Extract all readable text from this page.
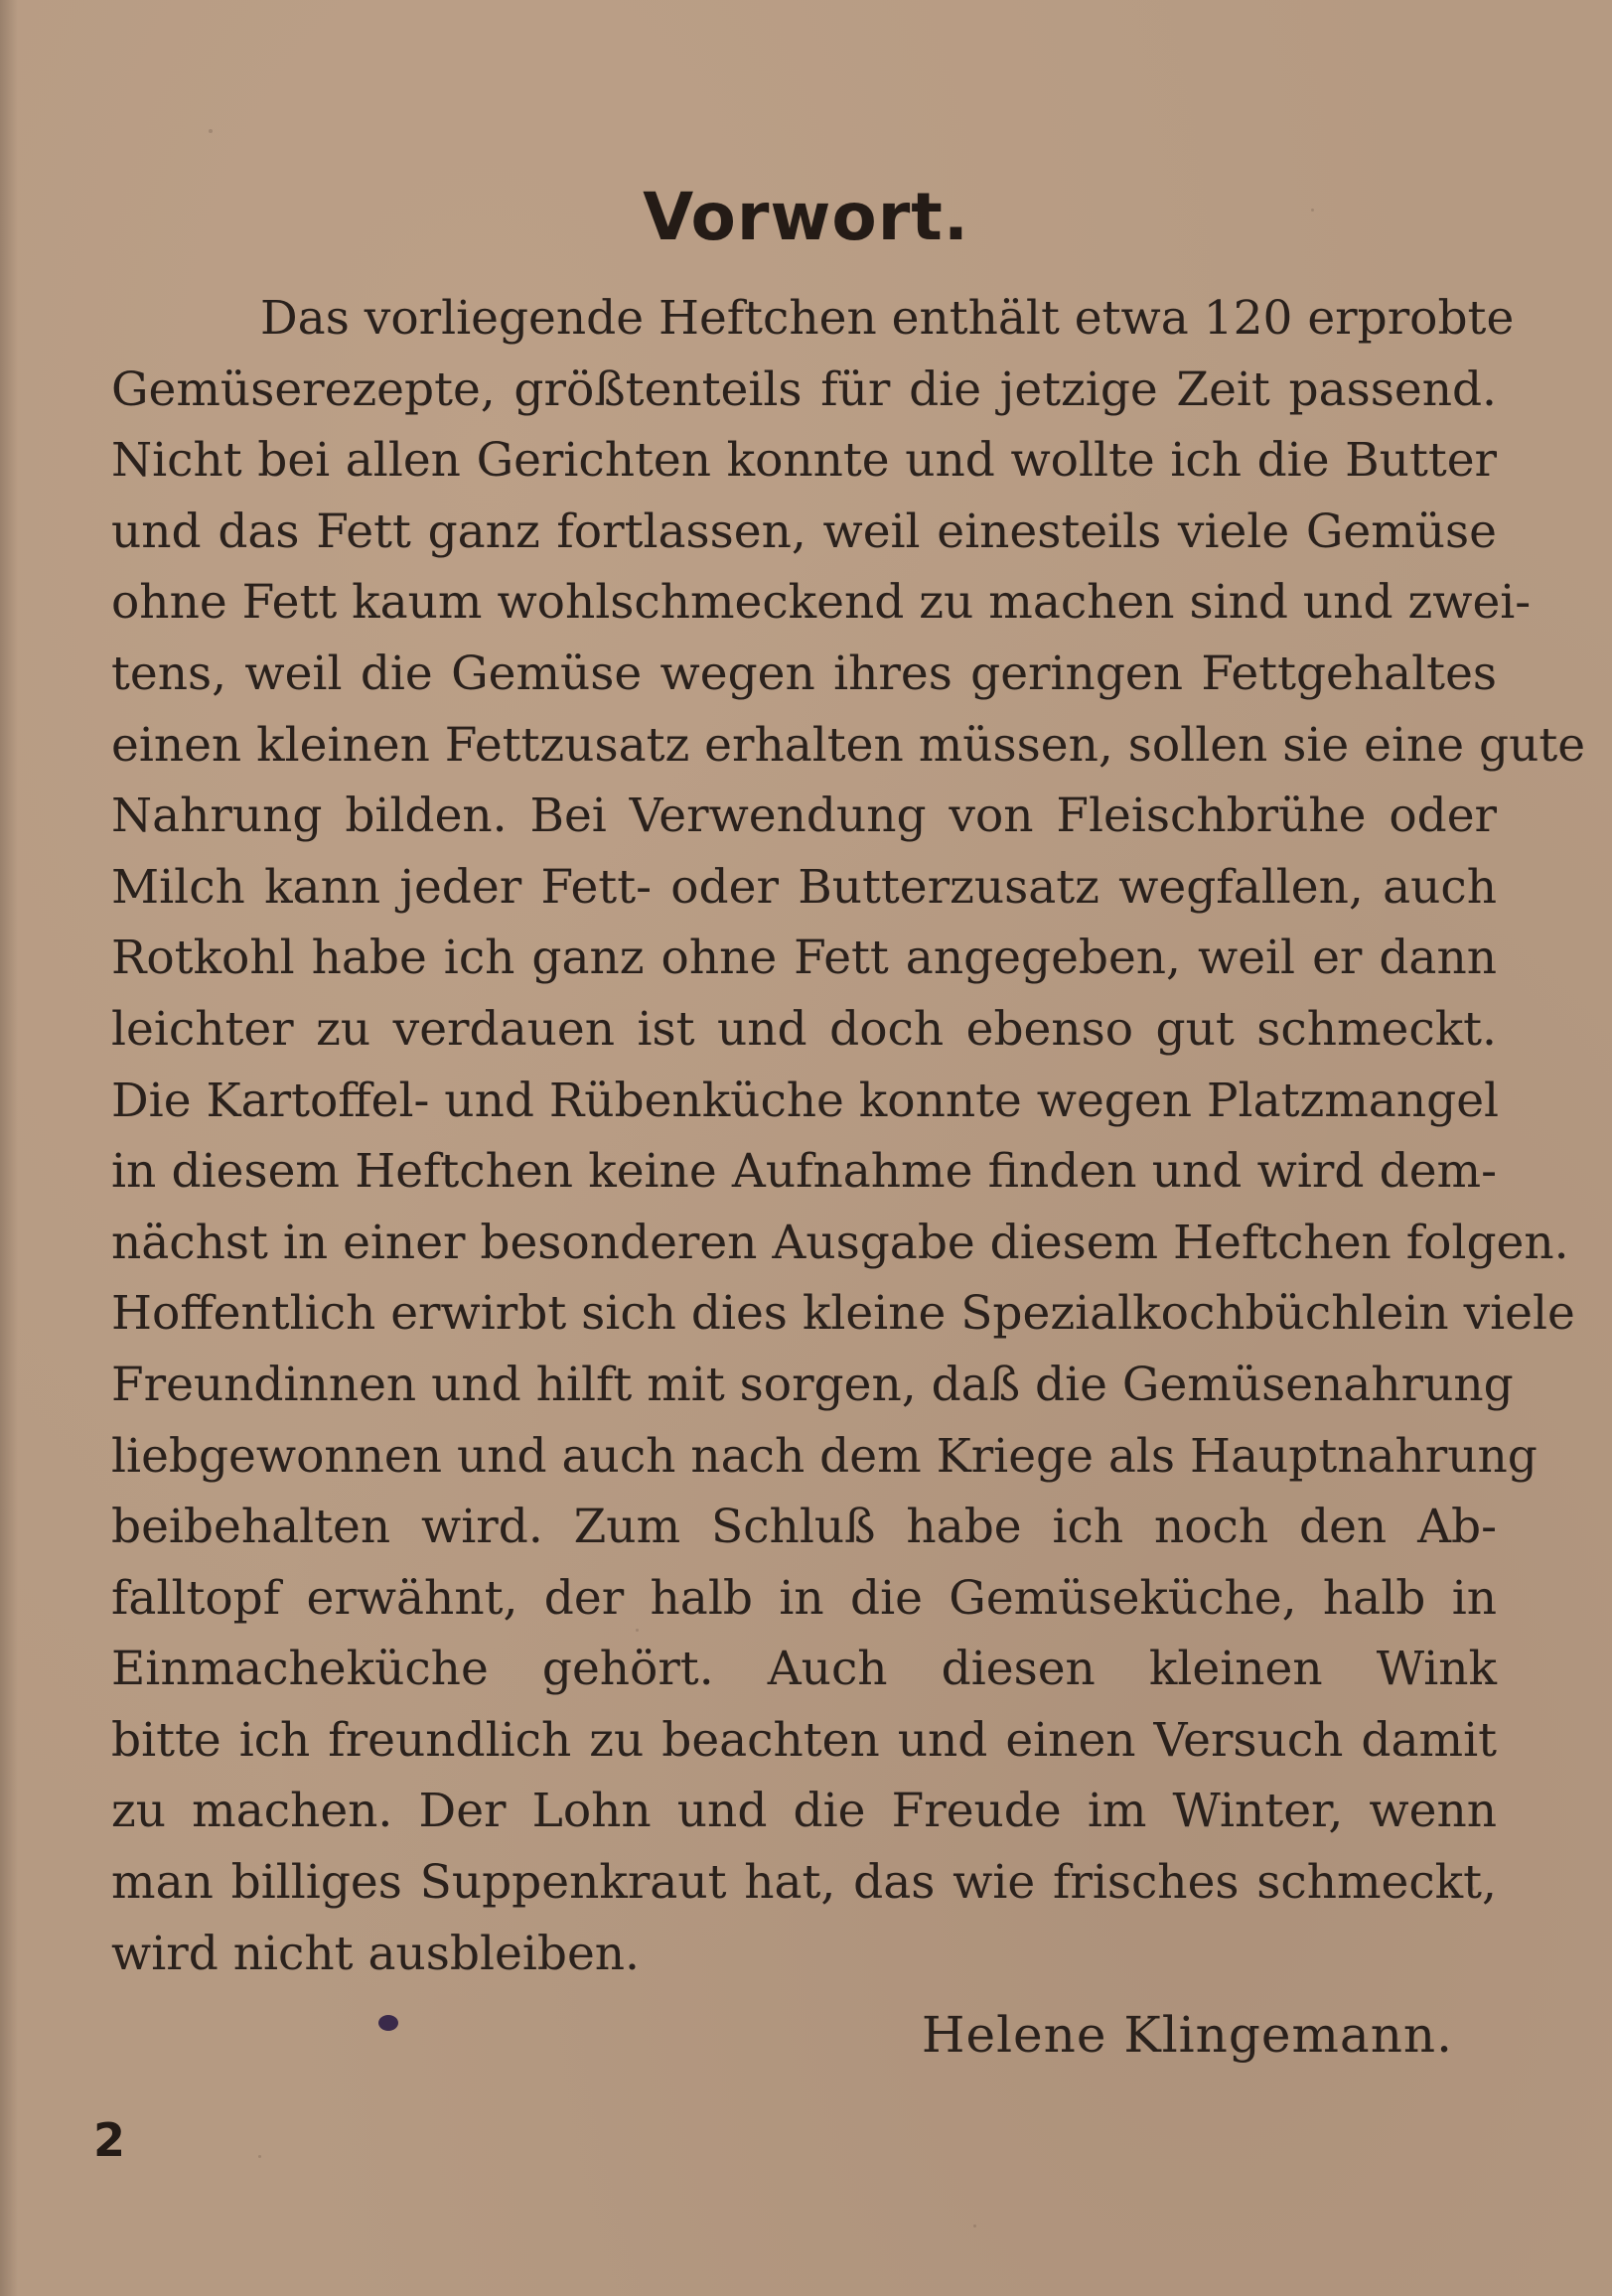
Vorwort.
Das vorliegende Heftchen enthält etwa 120 erprobte
Gemüserezepte, größtenteils für die jetzige Zeit passend.
Nicht bei allen Gerichten konnte und wollte ich die Butter
und das Fett ganz fortlassen, weil einesteils viele Gemüse
ohne Fett kaum wohlschmeckend zu machen sind und zwei-
tens, weil die Gemüse wegen ihres geringen Fettgehaltes
einen kleinen Fettzusatz erhalten müssen, sollen sie eine gute
Nahrung bilden. Bei Verwendung von Fleischbrühe oder
Milch kann jeder Fett- oder Butterzusatz wegfallen, auch
Rotkohl habe ich ganz ohne Fett angegeben, weil er dann
leichter zu verdauen ist und doch ebenso gut schmeckt.
Die Kartoffel- und Rübenküche konnte wegen Platzmangel
in diesem Heftchen keine Aufnahme finden und wird dem-
nächst in einer besonderen Ausgabe diesem Heftchen folgen.
Hoffentlich erwirbt sich dies kleine Spezialkochbüchlein viele
Freundinnen und hilft mit sorgen, daß die Gemüsenahrung
liebgewonnen und auch nach dem Kriege als Hauptnahrung
beibehalten wird. Zum Schluß habe ich noch den Ab-
falltopf erwähnt, der halb in die Gemüseküche, halb in
Einmacheküche gehört. Auch diesen kleinen Wink
bitte ich freundlich zu beachten und einen Versuch damit
zu machen. Der Lohn und die Freude im Winter, wenn
man billiges Suppenkraut hat, das wie frisches schmeckt,
wird nicht ausbleiben.
Helene Klingemann.
2
